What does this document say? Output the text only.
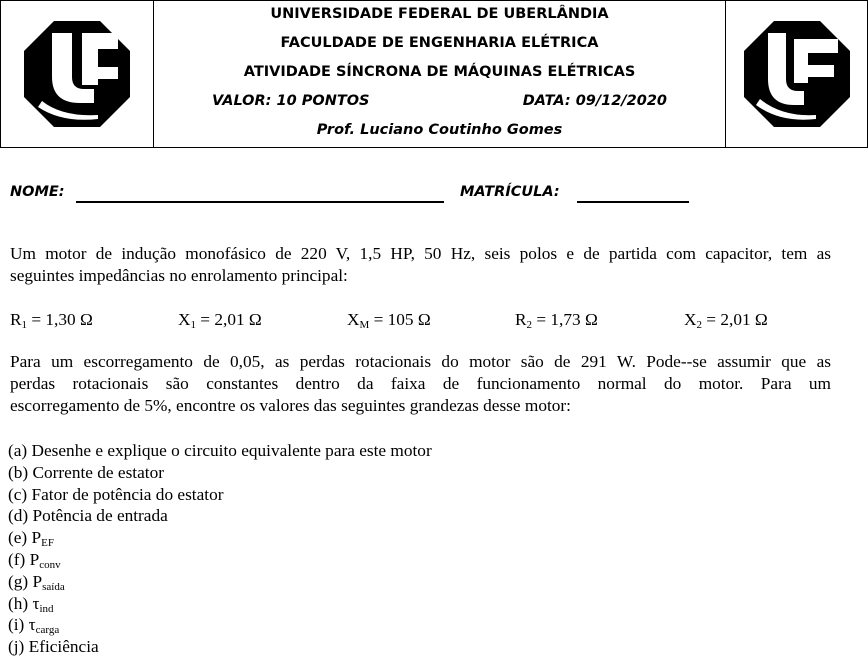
UNIVERSIDADE FEDERAL DE UBERLÂNDIA
FACULDADE DE ENGENHARIA ELÉTRICA
ATIVIDADE SÍNCRONA DE MÁQUINAS ELÉTRICAS
VALOR: 10 PONTOS	DATA: 09/12/2020
Prof. Luciano Coutinho Gomes
NOME:	MATRÍCULA:
Um motor de indução monofásico de 220 V, 1,5 HP, 50 Hz, seis polos e de partida com capacitor, tem as
seguintes impedâncias no enrolamento principal:
$R_1 = 1,30$ Ω	$X_1 = 2,01$ Ω	$X_M = 105$ Ω	$R_2 = 1,73$ Ω	$X_2 = 2,01$ Ω
Para um escorregamento de 0,05, as perdas rotacionais do motor são de 291 W. Pode--se assumir que as
perdas rotacionais são constantes dentro da faixa de funcionamento normal do motor. Para um
escorregamento de 5%, encontre os valores das seguintes grandezas desse motor:
(a) Desenhe e explique o circuito equivalente para este motor
(b) Corrente de estator
(c) Fator de potência do estator
(d) Potência de entrada
(e) $P_{EF}$
(f) $P_{conv}$
(g) $P_{saída}$
(h) $\tau_{ind}$
(i) $\tau_{carga}$
(j) Eficiência
